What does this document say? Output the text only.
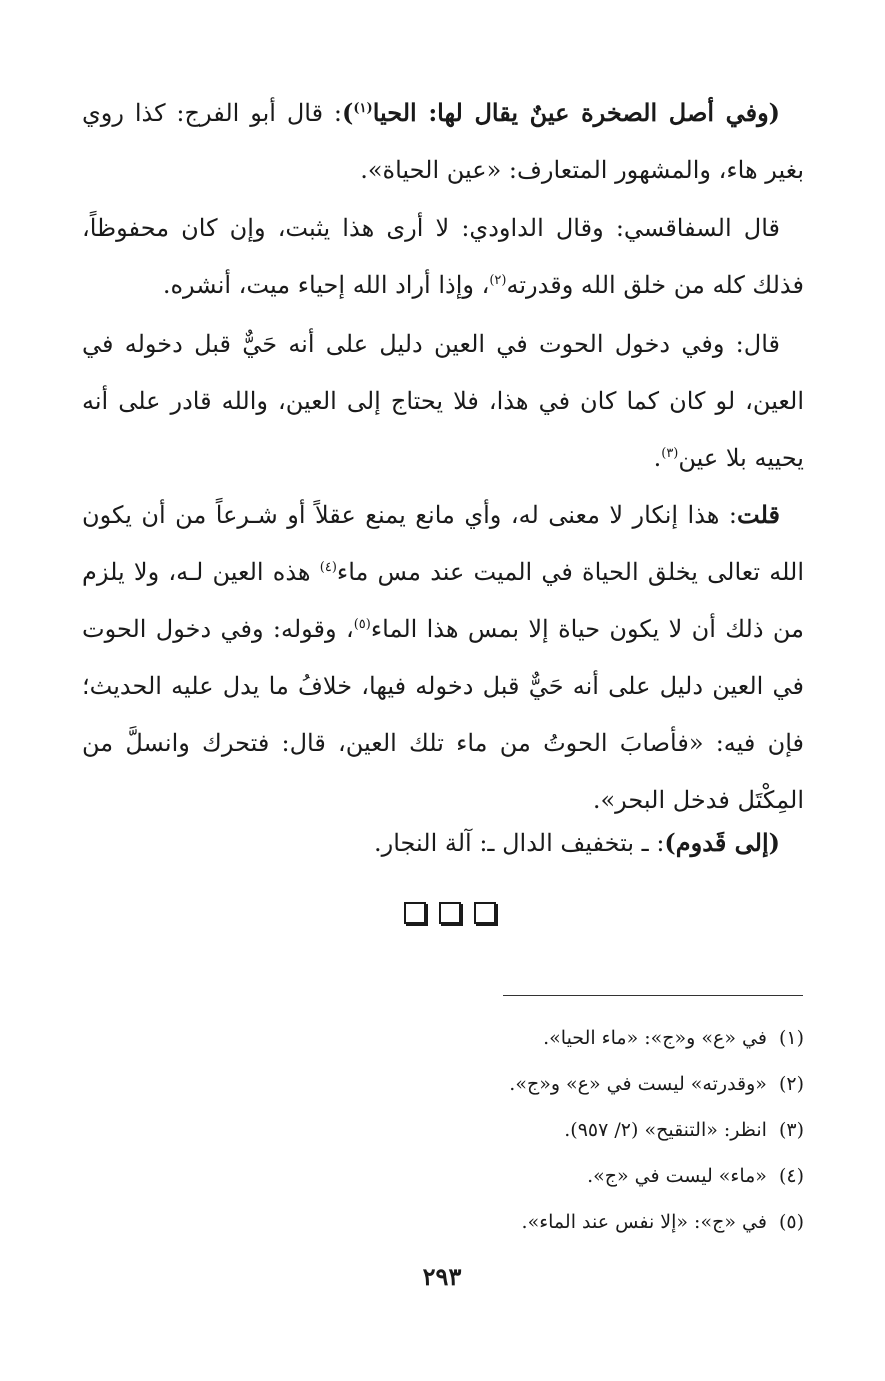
(وفي أصل الصخرة عينٌ يقال لها: الحيا$^{(١)}$): قال أبو الفرج: كذا روي بغير هاء، والمشهور المتعارف: «عين الحياة».

قال السفاقسي: وقال الداودي: لا أرى هذا يثبت، وإن كان محفوظاً، فذلك كله من خلق الله وقدرته$^{(٢)}$، وإذا أراد الله إحياء ميت، أنشره.

قال: وفي دخول الحوت في العين دليل على أنه حَيٌّ قبل دخوله في العين، لو كان كما كان في هذا، فلا يحتاج إلى العين، والله قادر على أنه يحييه بلا عين$^{(٣)}$.

قلت: هذا إنكار لا معنى له، وأي مانع يمنع عقلاً أو شـرعاً من أن يكون الله تعالى يخلق الحياة في الميت عند مس ماء$^{(٤)}$ هذه العين لـه، ولا يلزم من ذلك أن لا يكون حياة إلا بمس هذا الماء$^{(٥)}$، وقوله: وفي دخول الحوت في العين دليل على أنه حَيٌّ قبل دخوله فيها، خلافُ ما يدل عليه الحديث؛ فإن فيه: «فأصابَ الحوتُ من ماء تلك العين، قال: فتحرك وانسلَّ من المِكْتَل فدخل البحر».

(إلى قَدوم): ـ بتخفيف الدال ـ: آلة النجار.

(١)في «ع» و«ج»: «ماء الحيا».
(٢)«وقدرته» ليست في «ع» و«ج».
(٣)انظر: «التنقيح» (٢/ ٩٥٧).
(٤)«ماء» ليست في «ج».
(٥)في «ج»: «إلا نفس عند الماء».
٢٩٣
